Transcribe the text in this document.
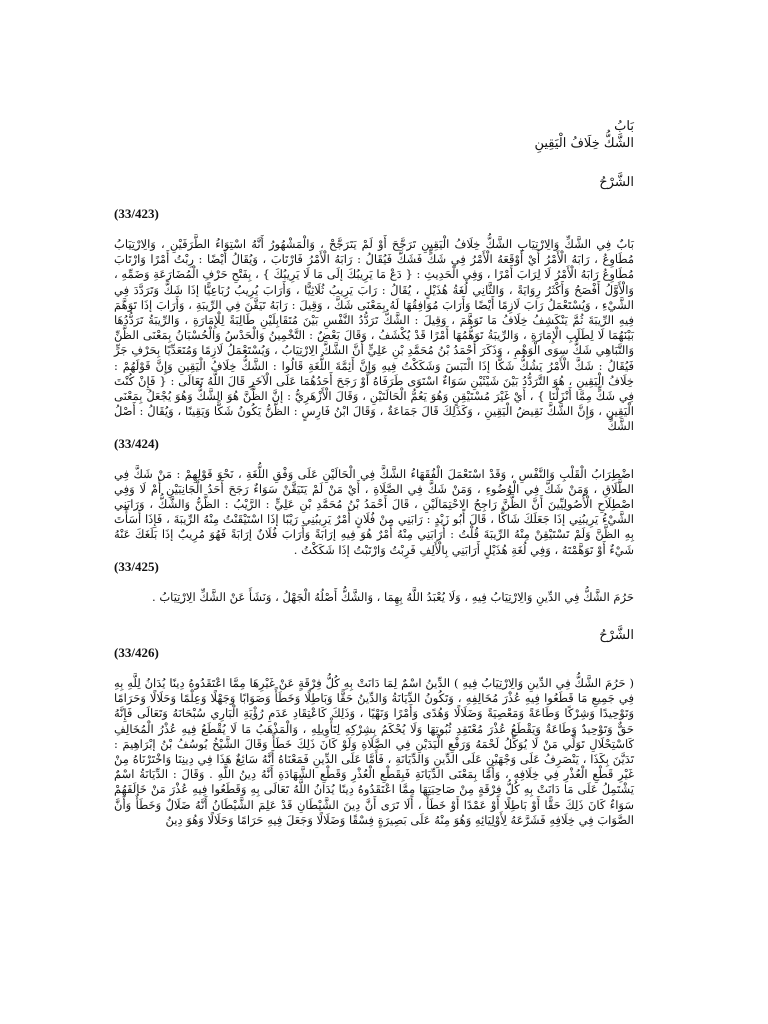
بَابُ

الشَّكُّ خِلَافُ الْيَقِينِ

الشَّرْحُ

(33/423)

بَابٌ فِي الشَّكِّ وَالِارْتِيَابِ الشَّكُّ خِلَافُ الْيَقِينِ تَرَجَّحَ أَوْ لَمْ يَتَرَجَّحْ ، وَالْمَشْهُورُ أَنَّهُ اسْتِوَاءُ الطَّرَفَيْنِ ، وَالِارْتِيَابُ مُطَاوِعُ ، رَابَهُ الْأَمْرُ أَيْ أَوْقَعَهُ الْأَمْرُ فِي شَكٍّ فَشَكَّ فَيُقَالُ : رَابَهُ الْأَمْرُ فَارْتَابَ ، وَيُقَالُ أَيْضًا : رِبْتُ أَمْرًا وَارْتَابَ مُطَاوِعُ رَابَهُ الْأَمْرُ لَا لِرَابَ أَمْرًا ، وَفِي الْحَدِيثِ : { دَعْ مَا يَرِيبُكَ إلَى مَا لَا يَرِيبُكَ } ، بِفَتْحِ حَرْفِ الْمُضَارَعَةِ وَضَمِّهِ ، وَالْأَوَّلُ أَفْصَحُ وَأَكْثَرُ رِوَايَةً ، وَالثَّانِي لُغَةُ هُذَيْلٍ ، يُقَالُ : رَابَ يَرِيبُ ثُلَاثِيًّا ، وَأَرَابَ يُرِيبُ رُبَاعِيًّا إذَا شَكَّ وَتَرَدَّدَ فِي الشَّيْءِ ، وَيُسْتَعْمَلُ رَابَ لَازِمًا أَيْضًا وَأَرَابَ مُوَافِقُهَا لَهُ بِمَعْنَى شَكَّ ، وَقِيلَ : رَابَهُ تَيَقَّنَ فِي الرِّيبَةِ ، وَأَرَابَ إذَا تَوَهَّمَ فِيهِ الرِّيبَةَ ثُمَّ يَنْكَشِفُ خِلَافُ مَا تَوَهَّمَ ، وَقِيلَ : الشَّكُّ تَرَدُّدُ النَّفْسِ بَيْنَ مُتَقَابِلَيْنِ طَالِبَةً لِلْإِمَارَةِ ، وَالرِّيبَةُ تَرَدُّدُهَا بَيْنَهُمَا لَا لِطَلَبِ الْإِمَارَةِ ، وَالرِّيبَةُ تَوَهُّمُهَا أَمْرًا قَدْ يُكْشَفُ ، وَقَالَ بَعْضٌ : التَّخْمِينُ وَالْحَدْسُ وَالْحُسْبَانُ بِمَعْنَى الظَّنِّ وَالتَّبَاهِي شَكٌّ سِوَى الْوَهْمِ ، وَذَكَرَ أَحْمَدُ بْنُ مُحَمَّدِ بْنِ عَلِيٍّ أَنَّ الشَّكَّ الِارْتِيَابُ ، وَيُسْتَعْمَلُ لَازِمًا وَمُتَعَدِّيًا بِحَرْفِ جَرٍّ فَيُقَالُ : شَكَّ الْأَمْرُ يَشُكُّ شَكًّا إذَا الْتَبَسَ وَشَكَكْتُ فِيهِ وَإِنَّ أَئِمَّةَ اللُّغَةِ قَالُوا : الشَّكُّ خِلَافُ الْيَقِينِ وَإِنَّ قَوْلَهُمْ : خِلَافُ الْيَقِينِ ، هُوَ التَّرَدُّدُ بَيْنَ شَيْئَيْنِ سَوَاءٌ اسْتَوَى طَرَفَاهُ أَوْ رَجَحَ أَحَدُهُمَا عَلَى الْآخَرِ قَالَ اللَّهُ تَعَالَى : { فَإِنْ كُنْتَ فِي شَكٍّ مِمَّا أَنْزَلْنَا } ، أَيْ غَيْرَ مُسْتَيْقِنٍ وَهُوَ يَعُمُّ الْحَالَتَيْنِ ، وَقَالَ الْأَزْهَرِيُّ : إنَّ الظَّنَّ هُوَ الشَّكُّ وَهُوَ يُجْعَلُ بِمَعْنَى الْيَقِينِ ، وَإِنَّ الشَّكَّ نَقِيضُ الْيَقِينِ ، وَكَذَلِكَ قَالَ جَمَاعَةٌ ، وَقَالَ ابْنُ فَارِسٍ : الظَّنُّ يَكُونُ شَكًّا وَيَقِينًا ، وَيُقَالُ : أَصْلُ الشَّكِّ

(33/424)

اضْطِرَابُ الْقَلْبِ وَالنَّفْسِ ، وَقَدْ اسْتَعْمَلَ الْفُقَهَاءُ الشَّكَّ فِي الْحَالَيْنِ عَلَى وَفْقِ اللُّغَةِ ، نَحْوَ قَوْلِهِمْ : مَنْ شَكَّ فِي الطَّلَاقِ ، وَمَنْ شَكَّ فِي الْوُضُوءِ ، وَمَنْ شَكَّ فِي الصَّلَاةِ ، أَيْ مَنْ لَمْ يَتَيَقَّنْ سَوَاءٌ رَجَحَ أَحَدُ الْجَانِبَيْنِ أَمْ لَا وَفِي اصْطِلَاحِ الْأُصُولِيِّينَ أَنَّ الظَّنَّ رَاجِحُ الِاحْتِمَالَيْنِ ، قَالَ أَحْمَدُ بْنُ مُحَمَّدِ بْنِ عَلِيٍّ : الرَّيْبُ : الظَّنُّ وَالشَّكُّ ، وَرَابَنِي الشَّيْءُ يَرِيبُنِي إذَا جَعَلَكَ شَاكًّا ، قَالَ أَبُو زَيْدٍ : رَابَنِي مِنْ فُلَانٍ أَمْرٌ يَرِيبُنِي رَيْبًا إذَا اسْتَيْقَنْتُ مِنْهُ الرِّيبَةَ ، فَإِذَا أَسَأْتَ بِهِ الظَّنَّ وَلَمْ تَسْتَيْقِنْ مِنْهُ الرِّيبَةَ قُلْتُ : أَرَابَنِي مِنْهُ أَمْرٌ هُوَ فِيهِ إرَابَةً وَأَرَابَ فُلَانٌ إرَابَةً فَهُوَ مُرِيبٌ إذَا بَلَغَكَ عَنْهُ شَيْءٌ أَوْ تَوَهَّمْتَهُ ، وَفِي لُغَةِ هُذَيْلٍ أَرَابَنِي بِالْأَلِفِ فَرِبْتُ وَارْتَبْتُ إذَا شَكَكْتُ .

(33/425)

حَرُمَ الشَّكُّ فِي الدِّينِ وَالِارْتِيَابُ فِيهِ ، وَلَا يُعْبَدُ اللَّهُ بِهِمَا ، وَالشَّكُّ أَصْلُهُ الْجَهْلُ ، وَنَشَأَ عَنْ الشَّكِّ الِارْتِيَابُ .

الشَّرْحُ

(33/426)

( حَرُمَ الشَّكُّ فِي الدِّينِ وَالِارْتِيَابُ فِيهِ ) الدِّينُ اسْمٌ لِمَا دَانَتْ بِهِ كُلُّ فِرْقَةٍ عَنْ غَيْرِهَا مِمَّا اعْتَقَدُوهُ دِينًا يُدَانُ لِلَّهِ بِهِ فِي جَمِيعِ مَا قَطَعُوا فِيهِ عُذْرَ مُخَالِفِهِ ، وَتَكُونُ الدِّيَانَةُ وَالدِّينُ حَقًّا وَبَاطِلًا وَخَطَأً وَصَوَابًا وَجَهْلًا وَعِلْمًا وَحَلَالًا وَحَرَامًا وَتَوْحِيدًا وَشِرْكًا وَطَاعَةً وَمَعْصِيَةً وَضَلَالًا وَهُدًى وَأَمْرًا وَنَهْيًا ، وَذَلِكَ كَاعْتِقَادِ عَدَمِ رُؤْيَةِ الْبَارِي سُبْحَانَهُ وَتَعَالَى فَإِنَّهُ حَقٌّ وَتَوْحِيدٌ وَطَاعَةٌ وَيَقْطَعُ عُذْرَ مُعْتَقِدِ ثُبُوتِهَا وَلَا يُحْكَمُ بِشِرْكِهِ لِتَأْوِيلِهِ ، وَالْمَذْهَبُ مَا لَا يُقْطَعُ فِيهِ عُذْرُ الْمُخَالِفِ كَاسْتِحْلَالِ تَوَلِّي مَنْ لَا يُوَكِّلُ لَحْمَهُ وَرَفْعِ الْيَدَيْنِ فِي الصَّلَاةِ وَلَوْ كَانَ ذَلِكَ خَطَأً وَقَالَ الشَّيْخُ يُوسُفُ بْنُ إبْرَاهِيمَ : تَدَيَّنَ بِكَذَا ، يَنْصَرِفُ عَلَى وَجْهَيْنِ عَلَى الدِّينِ وَالدِّيَانَةِ ، فَأَمَّا عَلَى الدِّينِ فَمَعْنَاهُ أَنَّهُ سَائِغٌ هَذَا فِي دِينِنَا وَاخْتَرْنَاهُ مِنْ غَيْرِ قَطْعِ الْعُذْرِ فِي خِلَافِهِ ، وَأَمَّا بِمَعْنَى الدِّيَانَةِ فَبِقَطْعِ الْعُذْرِ وَقَطْعِ الشَّهَادَةِ أَنَّهُ دِينُ اللَّهِ . وَقَالَ : الدِّيَانَةُ اسْمٌ يَشْتَمِلُ عَلَى مَا دَانَتْ بِهِ كُلُّ فِرْقَةٍ مِنْ صَاحِبَتِهَا مِمَّا اعْتَقَدُوهُ دِينًا يُدَانُ اللَّهُ تَعَالَى بِهِ وَقَطَعُوا فِيهِ عُذْرَ مَنْ خَالَفَهُمْ سَوَاءٌ كَانَ ذَلِكَ حَقًّا أَوْ بَاطِلًا أَوْ عَمْدًا أَوْ خَطَأً ، أَلَا تَرَى أَنَّ دِينَ الشَّيْطَانِ قَدْ عَلِمَ الشَّيْطَانُ أَنَّهُ ضَلَالٌ وَخَطَأٌ وَأَنَّ الصَّوَابَ فِي خِلَافِهِ فَشَرَّعَهُ لِأَوْلِيَائِهِ وَهُوَ مِنْهُ عَلَى بَصِيرَةٍ فِسْقًا وَضَلَالًا وَجَعَلَ فِيهِ حَرَامًا وَحَلَالًا وَهُوَ دِينُ
